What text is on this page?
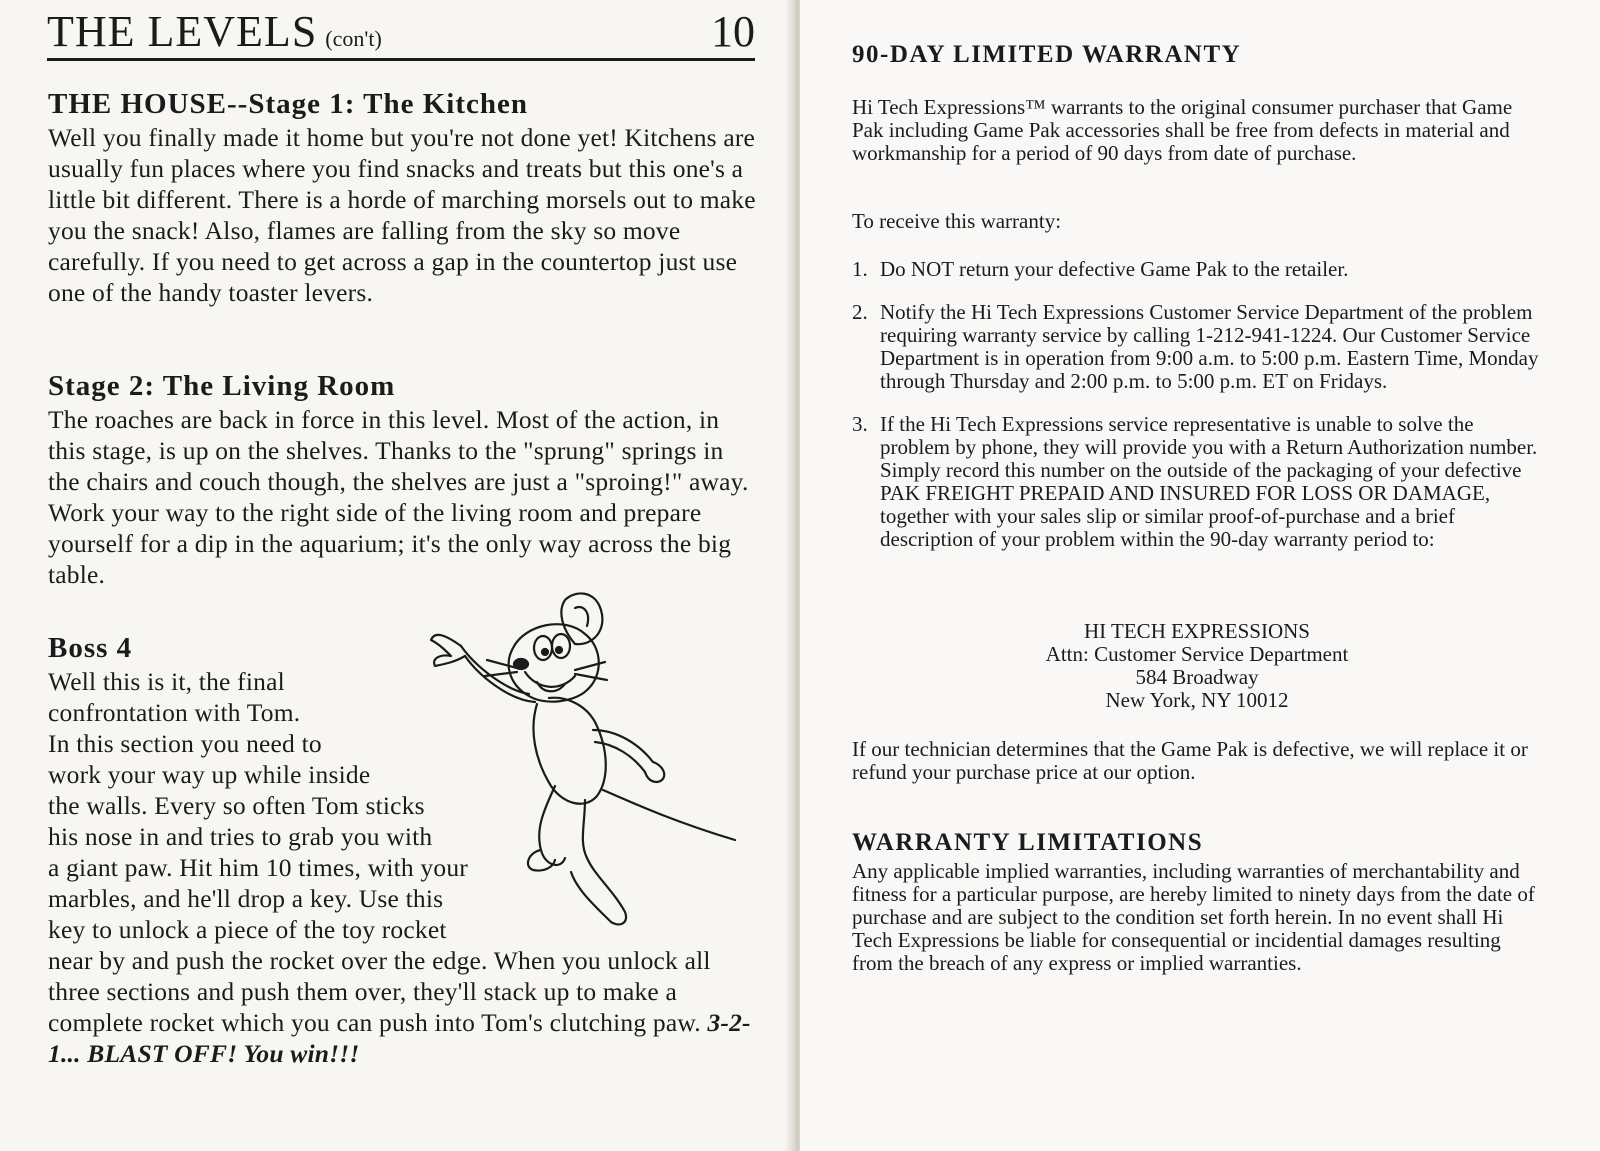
THE LEVELS (con't)	10
THE HOUSE--Stage 1: The Kitchen

Well you finally made it home but you're not done yet! Kitchens are usually fun places where you find snacks and treats but this one's a little bit different. There is a horde of marching morsels out to make you the snack! Also, flames are falling from the sky so move carefully. If you need to get across a gap in the countertop just use one of the handy toaster levers.

Stage 2: The Living Room

The roaches are back in force in this level. Most of the action, in this stage, is up on the shelves. Thanks to the "sprung" springs in the chairs and couch though, the shelves are just a "sproing!" away. Work your way to the right side of the living room and prepare yourself for a dip in the aquarium; it's the only way across the big table.

Boss 4

Well this is it, the final
confrontation with Tom.
In this section you need to
work your way up while inside
the walls. Every so often Tom sticks
his nose in and tries to grab you with
a giant paw. Hit him 10 times, with your
marbles, and he'll drop a key. Use this
key to unlock a piece of the toy rocket

near by and push the rocket over the edge. When you unlock all three sections and push them over, they'll stack up to make a complete rocket which you can push into Tom's clutching paw. 3-2-1... BLAST OFF! You win!!!

90-DAY LIMITED WARRANTY

Hi Tech Expressions™ warrants to the original consumer purchaser that Game Pak including Game Pak accessories shall be free from defects in material and workmanship for a period of 90 days from date of purchase.

To receive this warranty:

1. Do NOT return your defective Game Pak to the retailer.
2. Notify the Hi Tech Expressions Customer Service Department of the problem requiring warranty service by calling 1-212-941-1224. Our Customer Service Department is in operation from 9:00 a.m. to 5:00 p.m. Eastern Time, Monday through Thursday and 2:00 p.m. to 5:00 p.m. ET on Fridays.
3. If the Hi Tech Expressions service representative is unable to solve the problem by phone, they will provide you with a Return Authorization number. Simply record this number on the outside of the packaging of your defective PAK FREIGHT PREPAID AND INSURED FOR LOSS OR DAMAGE, together with your sales slip or similar proof-of-purchase and a brief description of your problem within the 90-day warranty period to:
HI TECH EXPRESSIONS
Attn: Customer Service Department
584 Broadway
New York, NY 10012

If our technician determines that the Game Pak is defective, we will replace it or refund your purchase price at our option.

WARRANTY LIMITATIONS

Any applicable implied warranties, including warranties of merchantability and fitness for a particular purpose, are hereby limited to ninety days from the date of purchase and are subject to the condition set forth herein. In no event shall Hi Tech Expressions be liable for consequential or incidential damages resulting from the breach of any express or implied warranties.
